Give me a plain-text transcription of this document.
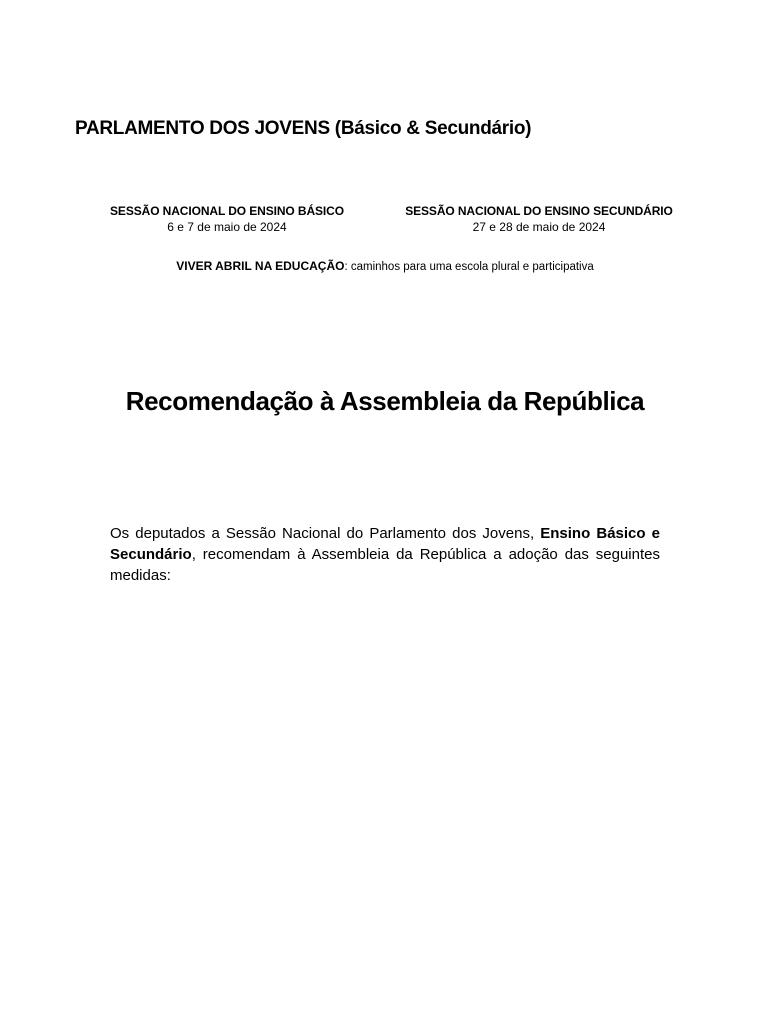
PARLAMENTO DOS JOVENS (Básico & Secundário)
SESSÃO NACIONAL DO ENSINO BÁSICO
6 e 7 de maio de 2024
SESSÃO NACIONAL DO ENSINO SECUNDÁRIO
27 e 28 de maio de 2024
VIVER ABRIL NA EDUCAÇÃO: caminhos para uma escola plural e participativa
Recomendação à Assembleia da República

Os deputados a Sessão Nacional do Parlamento dos Jovens, Ensino Básico e Secundário, recomendam à Assembleia da República a adoção das seguintes medidas:
